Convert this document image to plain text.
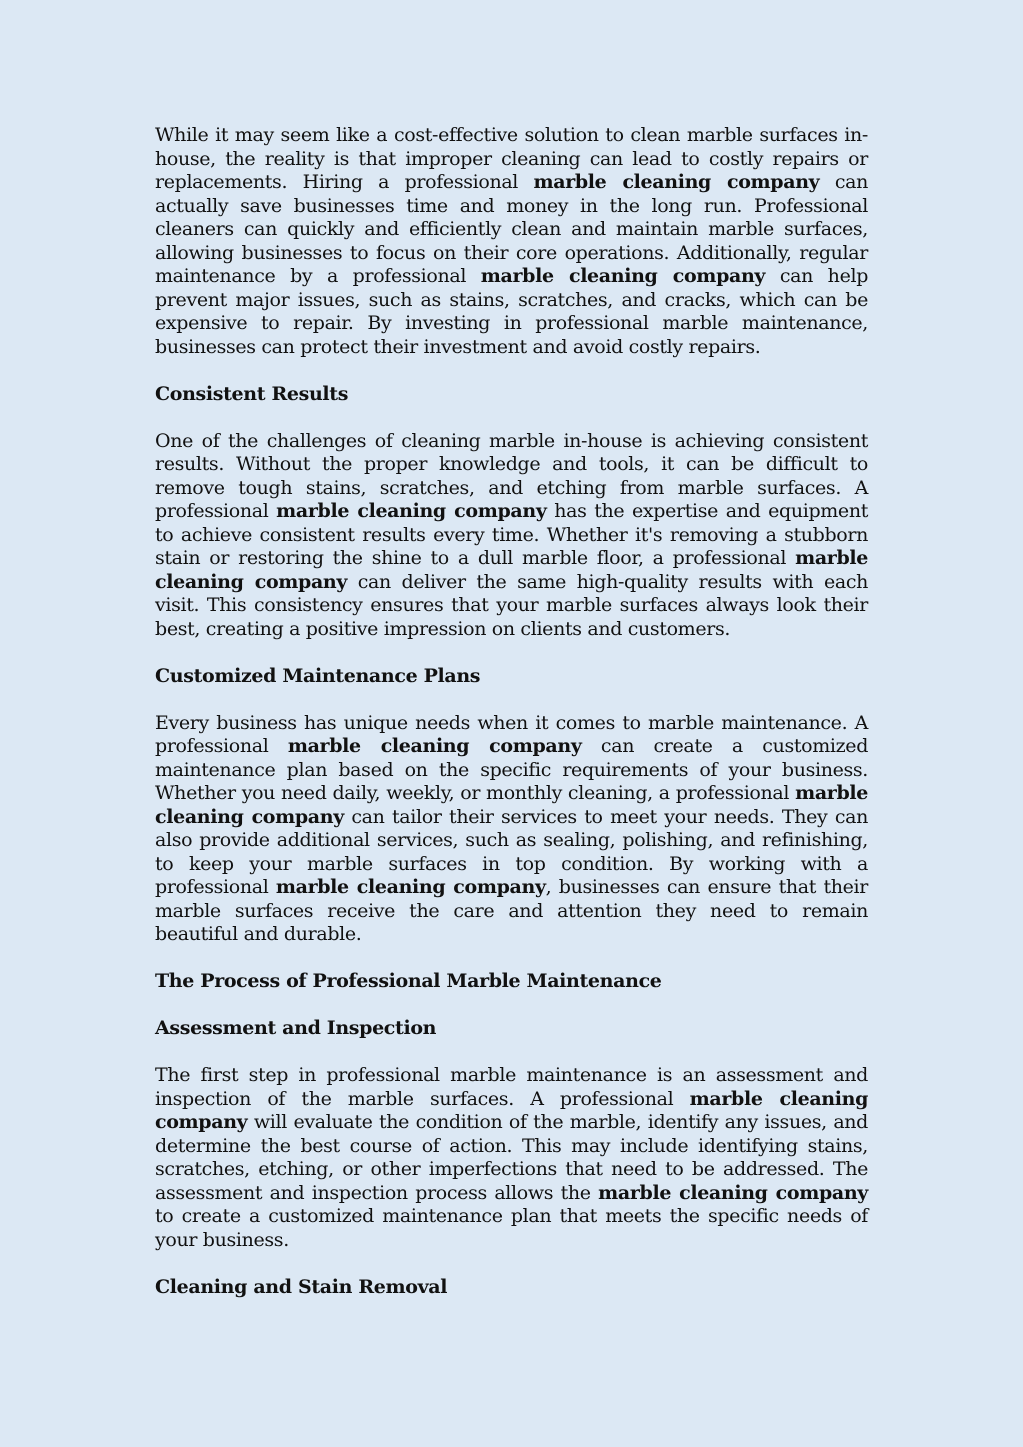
While it may seem like a cost-effective solution to clean marble surfaces in-house, the reality is that improper cleaning can lead to costly repairs or replacements. Hiring a professional marble cleaning company can actually save businesses time and money in the long run. Professional cleaners can quickly and efficiently clean and maintain marble surfaces, allowing businesses to focus on their core operations. Additionally, regular maintenance by a professional marble cleaning company can help prevent major issues, such as stains, scratches, and cracks, which can be expensive to repair. By investing in professional marble maintenance, businesses can protect their investment and avoid costly repairs.

Consistent Results

One of the challenges of cleaning marble in-house is achieving consistent results. Without the proper knowledge and tools, it can be difficult to remove tough stains, scratches, and etching from marble surfaces. A professional marble cleaning company has the expertise and equipment to achieve consistent results every time. Whether it's removing a stubborn stain or restoring the shine to a dull marble floor, a professional marble cleaning company can deliver the same high-quality results with each visit. This consistency ensures that your marble surfaces always look their best, creating a positive impression on clients and customers.

Customized Maintenance Plans

Every business has unique needs when it comes to marble maintenance. A professional marble cleaning company can create a customized maintenance plan based on the specific requirements of your business. Whether you need daily, weekly, or monthly cleaning, a professional marble cleaning company can tailor their services to meet your needs. They can also provide additional services, such as sealing, polishing, and refinishing, to keep your marble surfaces in top condition. By working with a professional marble cleaning company, businesses can ensure that their marble surfaces receive the care and attention they need to remain beautiful and durable.

The Process of Professional Marble Maintenance
Assessment and Inspection

The first step in professional marble maintenance is an assessment and inspection of the marble surfaces. A professional marble cleaning company will evaluate the condition of the marble, identify any issues, and determine the best course of action. This may include identifying stains, scratches, etching, or other imperfections that need to be addressed. The assessment and inspection process allows the marble cleaning company to create a customized maintenance plan that meets the specific needs of your business.

Cleaning and Stain Removal
